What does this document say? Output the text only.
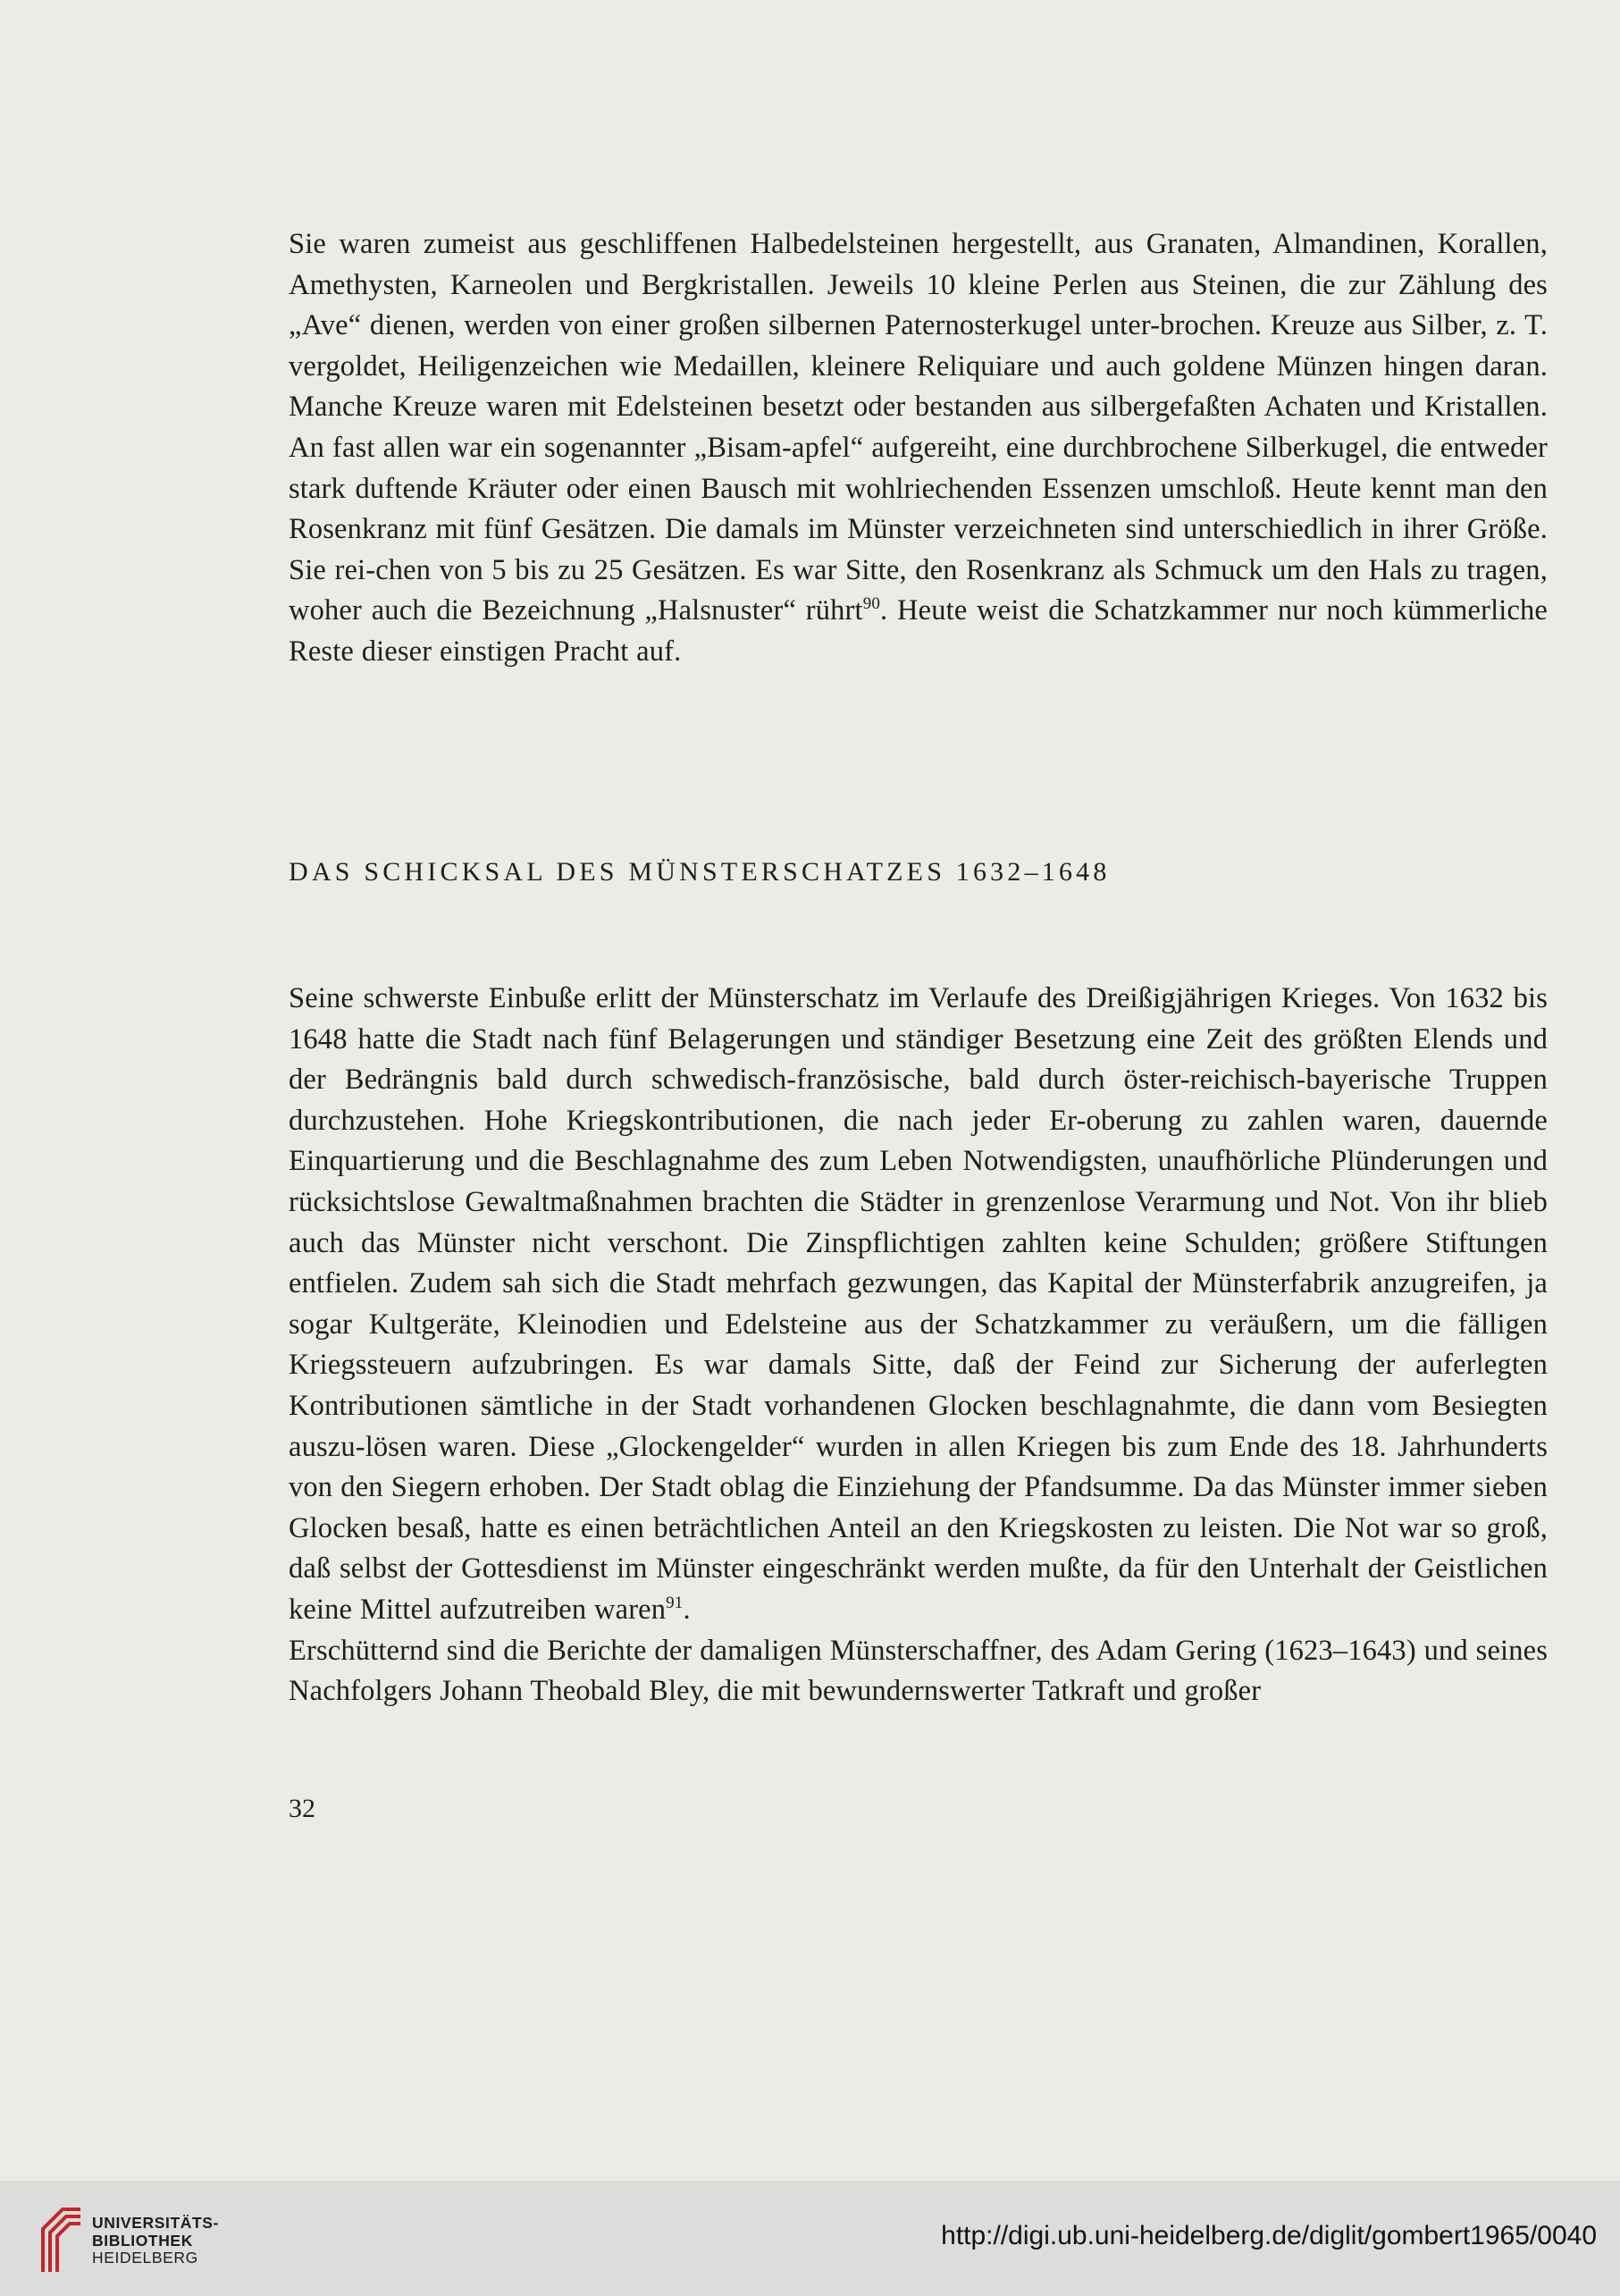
Sie waren zumeist aus geschliffenen Halbedelsteinen hergestellt, aus Granaten, Almandinen, Korallen, Amethysten, Karneolen und Bergkristallen. Jeweils 10 kleine Perlen aus Steinen, die zur Zählung des „Ave“ dienen, werden von einer großen silbernen Paternosterkugel unter-brochen. Kreuze aus Silber, z. T. vergoldet, Heiligenzeichen wie Medaillen, kleinere Reliquiare und auch goldene Münzen hingen daran. Manche Kreuze waren mit Edelsteinen besetzt oder bestanden aus silbergefaßten Achaten und Kristallen. An fast allen war ein sogenannter „Bisam-apfel“ aufgereiht, eine durchbrochene Silberkugel, die entweder stark duftende Kräuter oder einen Bausch mit wohlriechenden Essenzen umschloß. Heute kennt man den Rosenkranz mit fünf Gesätzen. Die damals im Münster verzeichneten sind unterschiedlich in ihrer Größe. Sie rei-chen von 5 bis zu 25 Gesätzen. Es war Sitte, den Rosenkranz als Schmuck um den Hals zu tragen, woher auch die Bezeichnung „Halsnuster“ rührt$^{90}$. Heute weist die Schatzkammer nur noch kümmerliche Reste dieser einstigen Pracht auf.

DAS SCHICKSAL DES MÜNSTERSCHATZES 1632–1648

Seine schwerste Einbuße erlitt der Münsterschatz im Verlaufe des Dreißigjährigen Krieges. Von 1632 bis 1648 hatte die Stadt nach fünf Belagerungen und ständiger Besetzung eine Zeit des größten Elends und der Bedrängnis bald durch schwedisch-französische, bald durch öster-reichisch-bayerische Truppen durchzustehen. Hohe Kriegskontributionen, die nach jeder Er-oberung zu zahlen waren, dauernde Einquartierung und die Beschlagnahme des zum Leben Notwendigsten, unaufhörliche Plünderungen und rücksichtslose Gewaltmaßnahmen brachten die Städter in grenzenlose Verarmung und Not. Von ihr blieb auch das Münster nicht verschont. Die Zinspflichtigen zahlten keine Schulden; größere Stiftungen entfielen. Zudem sah sich die Stadt mehrfach gezwungen, das Kapital der Münsterfabrik anzugreifen, ja sogar Kultgeräte, Kleinodien und Edelsteine aus der Schatzkammer zu veräußern, um die fälligen Kriegssteuern aufzubringen. Es war damals Sitte, daß der Feind zur Sicherung der auferlegten Kontributionen sämtliche in der Stadt vorhandenen Glocken beschlagnahmte, die dann vom Besiegten auszu-lösen waren. Diese „Glockengelder“ wurden in allen Kriegen bis zum Ende des 18. Jahrhunderts von den Siegern erhoben. Der Stadt oblag die Einziehung der Pfandsumme. Da das Münster immer sieben Glocken besaß, hatte es einen beträchtlichen Anteil an den Kriegskosten zu leisten. Die Not war so groß, daß selbst der Gottesdienst im Münster eingeschränkt werden mußte, da für den Unterhalt der Geistlichen keine Mittel aufzutreiben waren$^{91}$.

Erschütternd sind die Berichte der damaligen Münsterschaffner, des Adam Gering (1623–1643) und seines Nachfolgers Johann Theobald Bley, die mit bewundernswerter Tatkraft und großer

32
UNIVERSITÄTS-
BIBLIOTHEK
HEIDELBERG
http://digi.ub.uni-heidelberg.de/diglit/gombert1965/0040
